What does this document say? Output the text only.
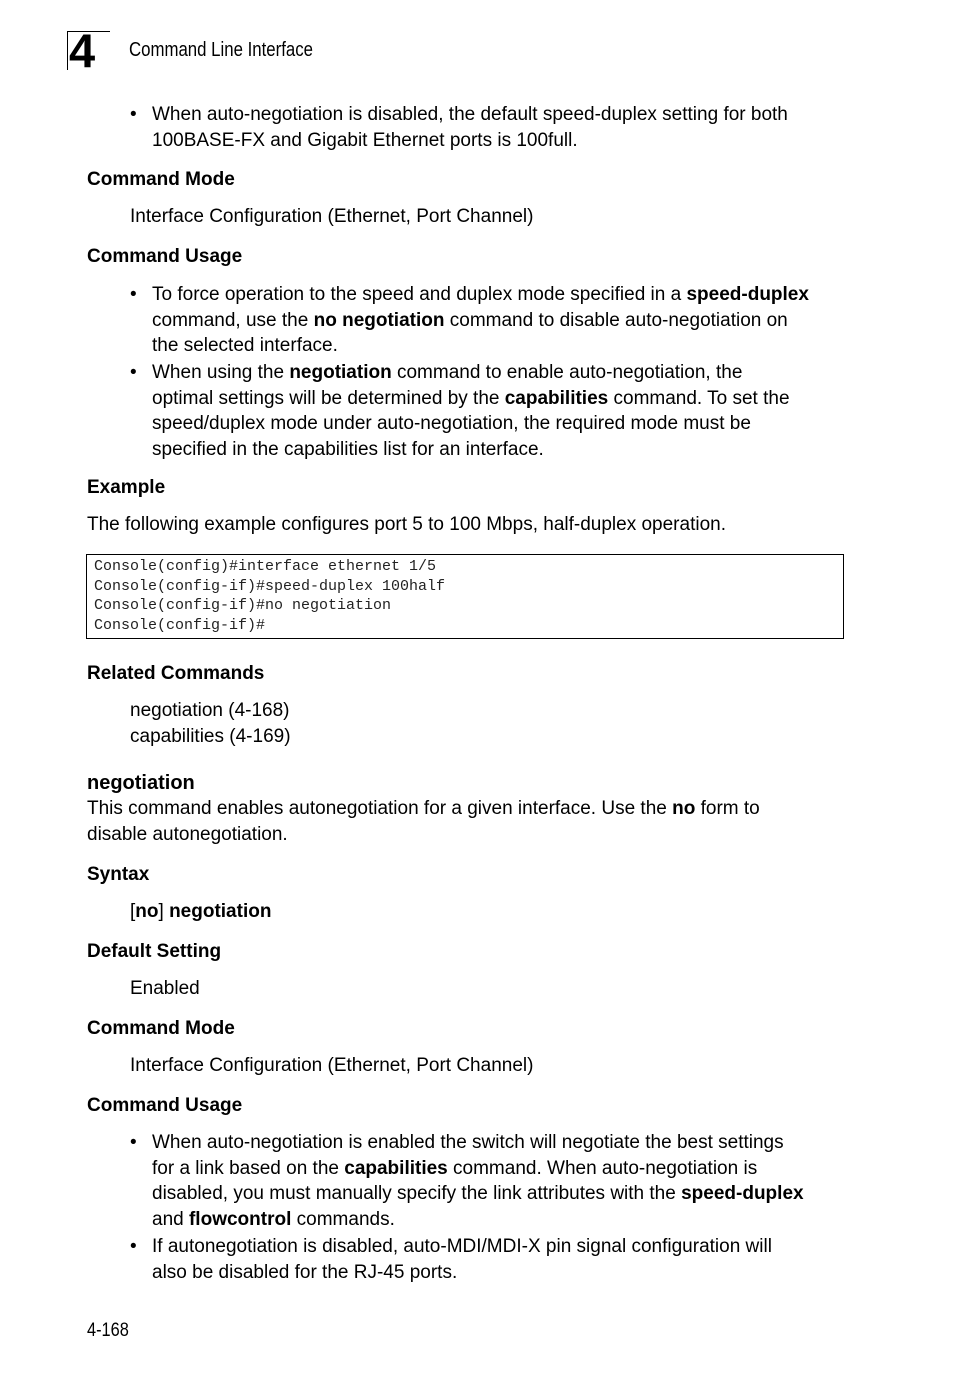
4 Command Line Interface
• When auto-negotiation is disabled, the default speed-duplex setting for both 100BASE-FX and Gigabit Ethernet ports is 100full.
Command Mode
Interface Configuration (Ethernet, Port Channel)
Command Usage
• To force operation to the speed and duplex mode specified in a speed-duplex
command, use the no negotiation command to disable auto-negotiation on
the selected interface.
• When using the negotiation command to enable auto-negotiation, the
optimal settings will be determined by the capabilities command. To set the
speed/duplex mode under auto-negotiation, the required mode must be
specified in the capabilities list for an interface.
Example
The following example configures port 5 to 100 Mbps, half-duplex operation.
Console(config)#interface ethernet 1/5
Console(config-if)#speed-duplex 100half
Console(config-if)#no negotiation
Console(config-if)#
Related Commands
negotiation (4-168)
capabilities (4-169)
negotiation
This command enables autonegotiation for a given interface. Use the no form to
disable autonegotiation.
Syntax
[no] negotiation
Default Setting
Enabled
Command Mode
Interface Configuration (Ethernet, Port Channel)
Command Usage
• When auto-negotiation is enabled the switch will negotiate the best settings
for a link based on the capabilities command. When auto-negotiation is
disabled, you must manually specify the link attributes with the speed-duplex
and flowcontrol commands.
• If autonegotiation is disabled, auto-MDI/MDI-X pin signal configuration will
also be disabled for the RJ-45 ports.
4-168
